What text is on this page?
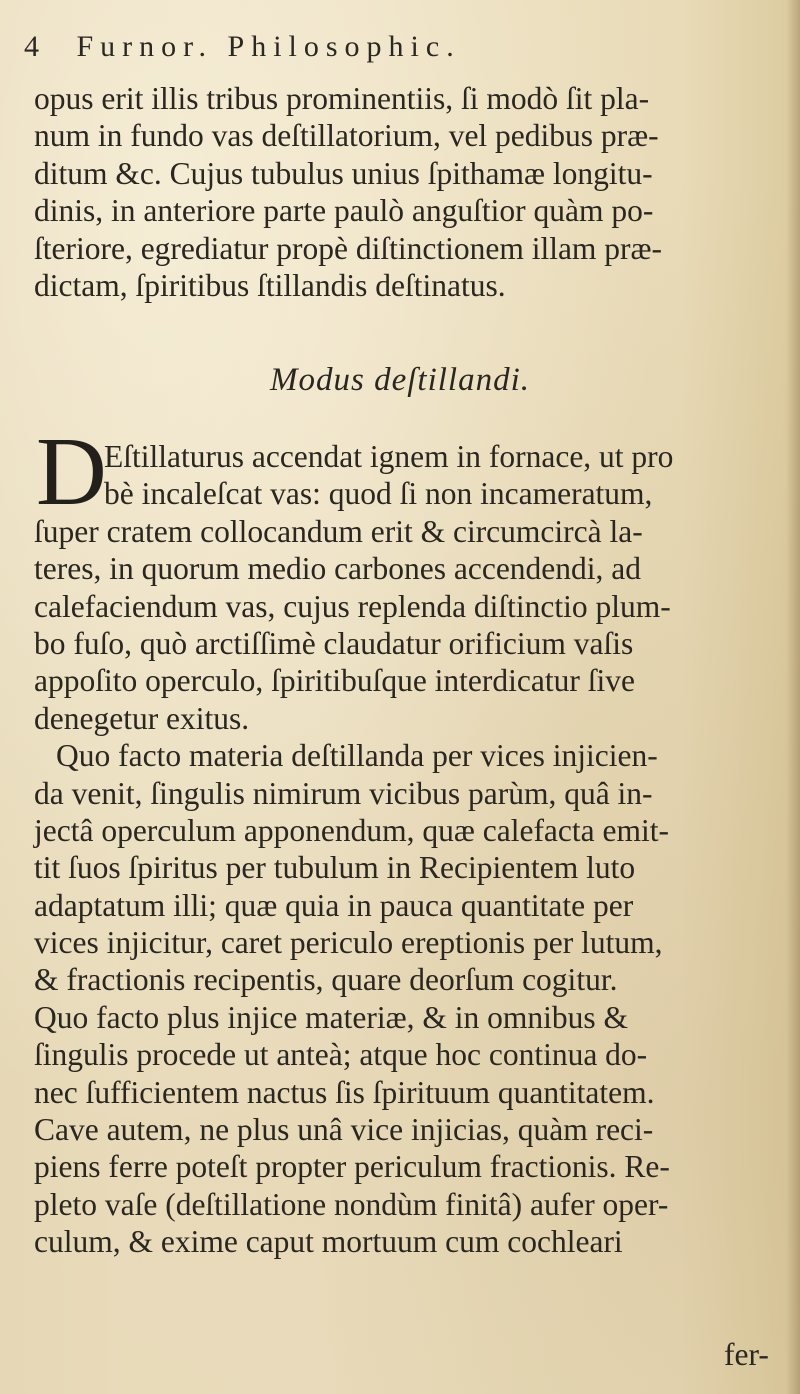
4 Furnor. Philosophic.
opus erit illis tribus prominentiis, ſi modò ſit pla-
num in fundo vas deſtillatorium, vel pedibus præ-
ditum &c. Cujus tubulus unius ſpithamæ longitu-
dinis, in anteriore parte paulò anguſtior quàm po-
ſteriore, egrediatur propè diſtinctionem illam præ-
dictam, ſpiritibus ſtillandis deſtinatus.
Modus deſtillandi.
D
Eſtillaturus accendat ignem in fornace, ut pro
bè incaleſcat vas: quod ſi non incameratum,
ſuper cratem collocandum erit & circumcircà la-
teres, in quorum medio carbones accendendi, ad
calefaciendum vas, cujus replenda diſtinctio plum-
bo fuſo, quò arctiſſimè claudatur orificium vaſis
appoſito operculo, ſpiritibuſque interdicatur ſive
denegetur exitus.
Quo facto materia deſtillanda per vices injicien-
da venit, ſingulis nimirum vicibus parùm, quâ in-
jectâ operculum apponendum, quæ calefacta emit-
tit ſuos ſpiritus per tubulum in Recipientem luto
adaptatum illi; quæ quia in pauca quantitate per
vices injicitur, caret periculo ereptionis per lutum,
& fractionis recipentis, quare deorſum cogitur.
Quo facto plus injice materiæ, & in omnibus &
ſingulis procede ut anteà; atque hoc continua do-
nec ſufficientem nactus ſis ſpirituum quantitatem.
Cave autem, ne plus unâ vice injicias, quàm reci-
piens ferre poteſt propter periculum fractionis. Re-
pleto vaſe (deſtillatione nondùm finitâ) aufer oper-
culum, & exime caput mortuum cum cochleari
fer-
